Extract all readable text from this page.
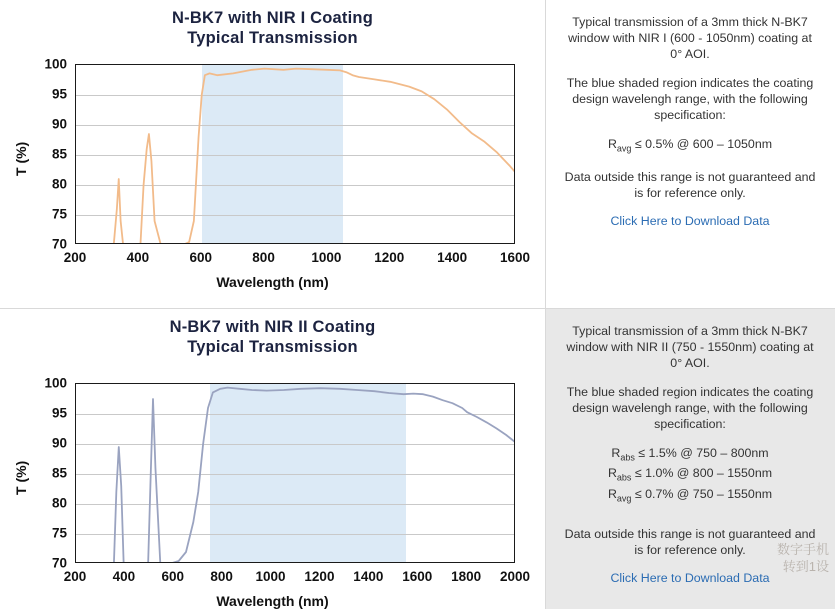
N-BK7 with NIR I Coating
Typical Transmission
70
75
80
85
90
95
100
200	400	600	800	1000 1200 1400 1600
T (%)
Wavelength (nm)

Typical transmission of a 3mm thick N-BK7 window with NIR I (600 - 1050nm) coating at 0° AOI.

The blue shaded region indicates the coating design wavelengh range, with the following specification:

$R_{avg} \le 0.5\%$ @ 600 – 1050nm

Data outside this range is not guaranteed and is for reference only.

Click Here to Download Data
N-BK7 with NIR II Coating
Typical Transmission
70
75
80
85
90
95
100
200 400 600 800 1000 1200 1400 1600 1800 2000
T (%)
Wavelength (nm)

Typical transmission of a 3mm thick N-BK7 window with NIR II (750 - 1550nm) coating at 0° AOI.

The blue shaded region indicates the coating design wavelengh range, with the following specification:

$R_{abs} \le 1.5\%$ @ 750 – 800nm

$R_{abs} \le 1.0\%$ @ 800 – 1550nm

$R_{avg} \le 0.7\%$ @ 750 – 1550nm

Data outside this range is not guaranteed and is for reference only.

Click Here to Download Data
数字手机
转到1设
